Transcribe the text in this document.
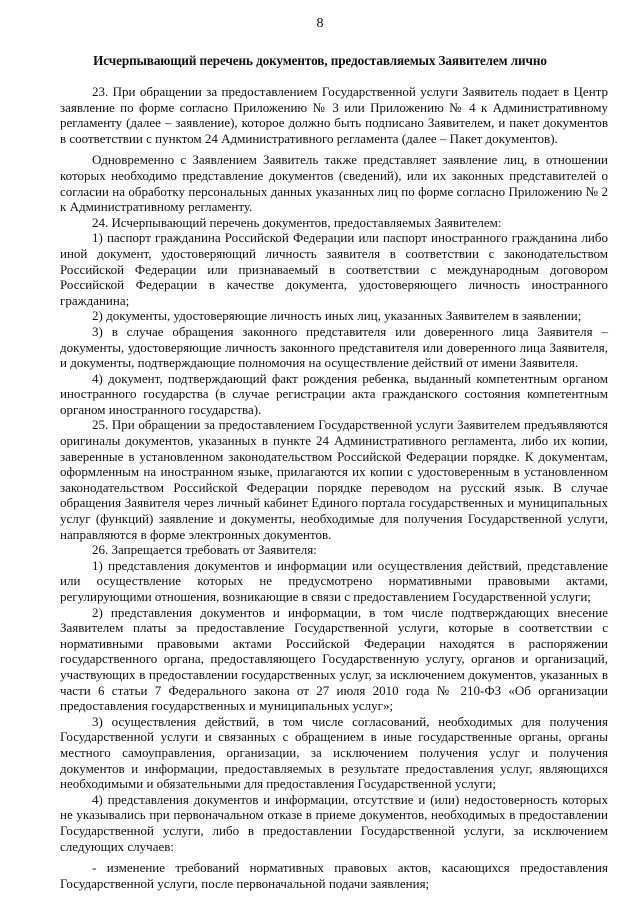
8
Исчерпывающий перечень документов, предоставляемых Заявителем лично

23. При обращении за предоставлением Государственной услуги Заявитель подает в Центр заявление по форме согласно Приложению № 3 или Приложению № 4 к Административному регламенту (далее – заявление), которое должно быть подписано Заявителем, и пакет документов в соответствии с пунктом 24 Административного регламента (далее – Пакет документов).

Одновременно с Заявлением Заявитель также представляет заявление лиц, в отношении которых необходимо представление документов (сведений), или их законных представителей о согласии на обработку персональных данных указанных лиц по форме согласно Приложению № 2 к Административному регламенту.

24. Исчерпывающий перечень документов, предоставляемых Заявителем:

1) паспорт гражданина Российской Федерации или паспорт иностранного гражданина либо иной документ, удостоверяющий личность заявителя в соответствии с законодательством Российской Федерации или признаваемый в соответствии с международным договором Российской Федерации в качестве документа, удостоверяющего личность иностранного гражданина;

2) документы, удостоверяющие личность иных лиц, указанных Заявителем в заявлении;

3) в случае обращения законного представителя или доверенного лица Заявителя – документы, удостоверяющие личность законного представителя или доверенного лица Заявителя, и документы, подтверждающие полномочия на осуществление действий от имени Заявителя.

4) документ, подтверждающий факт рождения ребенка, выданный компетентным органом иностранного государства (в случае регистрации акта гражданского состояния компетентным органом иностранного государства).

25. При обращении за предоставлением Государственной услуги Заявителем предъявляются оригиналы документов, указанных в пункте 24 Административного регламента, либо их копии, заверенные в установленном законодательством Российской Федерации порядке. К документам, оформленным на иностранном языке, прилагаются их копии с удостоверенным в установленном законодательством Российской Федерации порядке переводом на русский язык. В случае обращения Заявителя через личный кабинет Единого портала государственных и муниципальных услуг (функций) заявление и документы, необходимые для получения Государственной услуги, направляются в форме электронных документов.

26. Запрещается требовать от Заявителя:

1) представления документов и информации или осуществления действий, представление или осуществление которых не предусмотрено нормативными правовыми актами, регулирующими отношения, возникающие в связи с предоставлением Государственной услуги;

2) представления документов и информации, в том числе подтверждающих внесение Заявителем платы за предоставление Государственной услуги, которые в соответствии с нормативными правовыми актами Российской Федерации находятся в распоряжении государственного органа, предоставляющего Государственную услугу, органов и организаций, участвующих в предоставлении государственных услуг, за исключением документов, указанных в части 6 статьи 7 Федерального закона от 27 июля 2010 года № 210-ФЗ «Об организации предоставления государственных и муниципальных услуг»;

3) осуществления действий, в том числе согласований, необходимых для получения Государственной услуги и связанных с обращением в иные государственные органы, органы местного самоуправления, организации, за исключением получения услуг и получения документов и информации, предоставляемых в результате предоставления услуг, являющихся необходимыми и обязательными для предоставления Государственной услуги;

4) представления документов и информации, отсутствие и (или) недостоверность которых не указывались при первоначальном отказе в приеме документов, необходимых в предоставлении Государственной услуги, либо в предоставлении Государственной услуги, за исключением следующих случаев:

- изменение требований нормативных правовых актов, касающихся предоставления Государственной услуги, после первоначальной подачи заявления;
